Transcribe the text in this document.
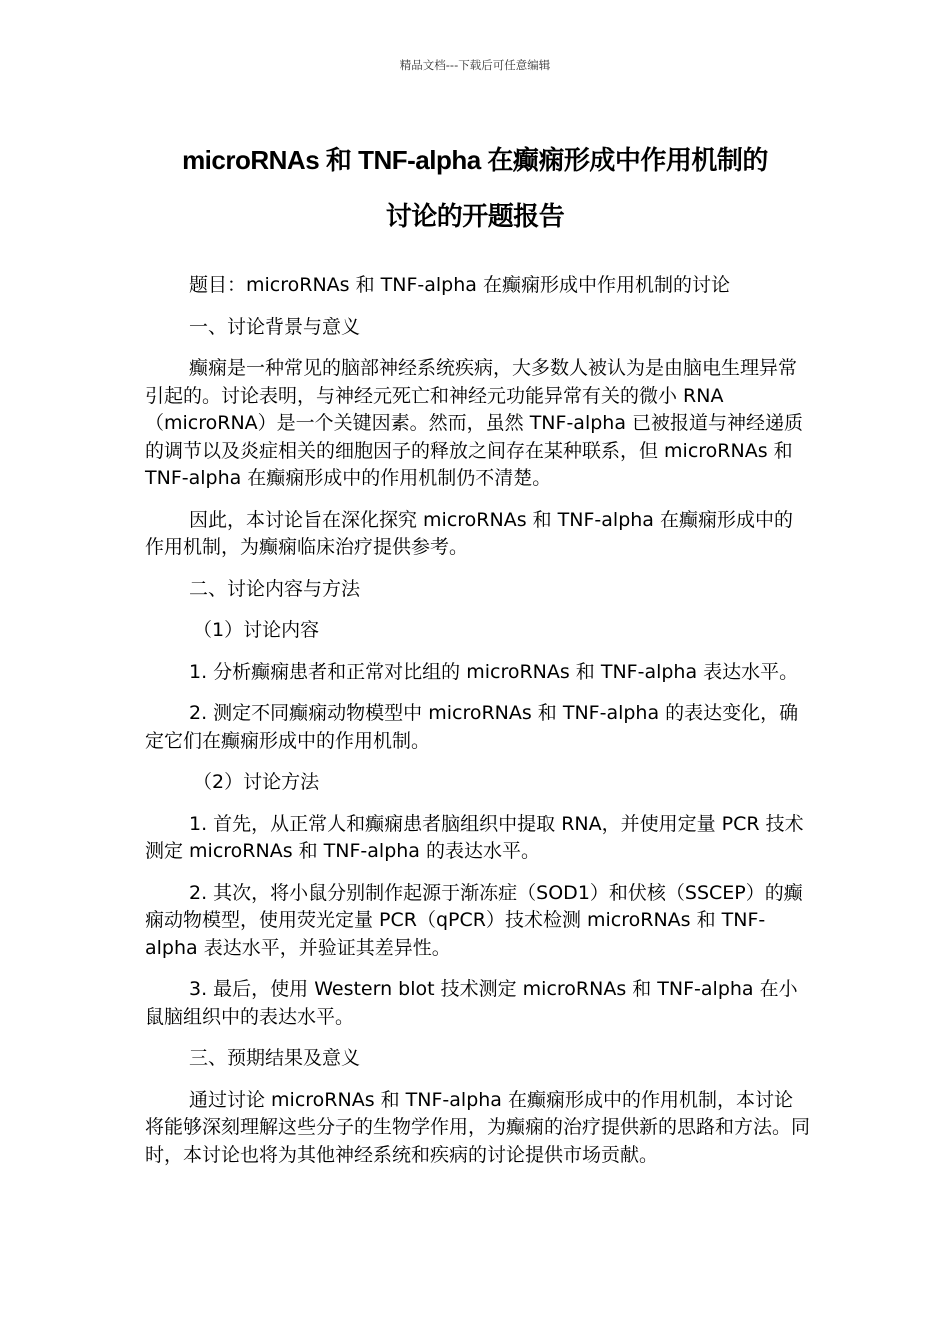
精品文档---下载后可任意编辑
microRNAs 和 TNF-alpha 在癫痫形成中作用机制的
讨论的开题报告

题目：microRNAs 和 TNF-alpha 在癫痫形成中作用机制的讨论

一、讨论背景与意义

癫痫是一种常见的脑部神经系统疾病，大多数人被认为是由脑电生理异常引起的。讨论表明，与神经元死亡和神经元功能异常有关的微小 RNA（microRNA）是一个关键因素。然而，虽然 TNF-alpha 已被报道与神经递质的调节以及炎症相关的细胞因子的释放之间存在某种联系，但 microRNAs 和 TNF-alpha 在癫痫形成中的作用机制仍不清楚。

因此，本讨论旨在深化探究 microRNAs 和 TNF-alpha 在癫痫形成中的作用机制，为癫痫临床治疗提供参考。

二、讨论内容与方法

（1）讨论内容

1. 分析癫痫患者和正常对比组的 microRNAs 和 TNF-alpha 表达水平。

2. 测定不同癫痫动物模型中 microRNAs 和 TNF-alpha 的表达变化，确定它们在癫痫形成中的作用机制。

（2）讨论方法

1. 首先，从正常人和癫痫患者脑组织中提取 RNA，并使用定量 PCR 技术测定 microRNAs 和 TNF-alpha 的表达水平。

2. 其次，将小鼠分别制作起源于渐冻症（SOD1）和伏核（SSCEP）的癫痫动物模型，使用荧光定量 PCR（qPCR）技术检测 microRNAs 和 TNF-alpha 表达水平，并验证其差异性。

3. 最后，使用 Western blot 技术测定 microRNAs 和 TNF-alpha 在小鼠脑组织中的表达水平。

三、预期结果及意义

通过讨论 microRNAs 和 TNF-alpha 在癫痫形成中的作用机制，本讨论将能够深刻理解这些分子的生物学作用，为癫痫的治疗提供新的思路和方法。同时，本讨论也将为其他神经系统和疾病的讨论提供市场贡献。
